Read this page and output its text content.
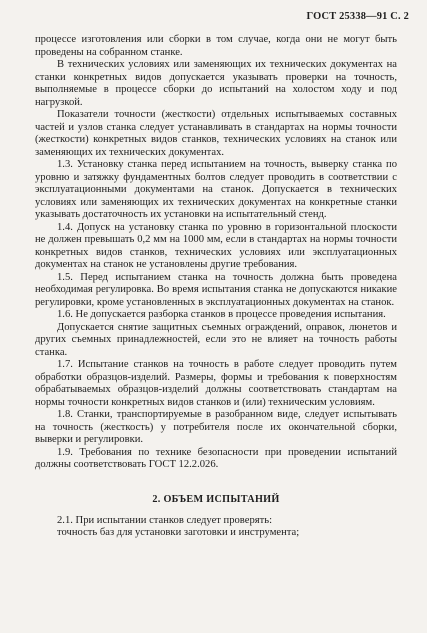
ГОСТ 25338—91 С. 2

процессе изготовления или сборки в том случае, когда они не могут быть проведены на собранном станке.

В технических условиях или заменяющих их технических документах на станки конкретных видов допускается указывать проверки на точность, выполняемые в процессе сборки до испытаний на холостом ходу и под нагрузкой.

Показатели точности (жесткости) отдельных испытываемых составных частей и узлов станка следует устанавливать в стандартах на нормы точности (жесткости) конкретных видов станков, технических условиях на станок или заменяющих их технических документах.

1.3. Установку станка перед испытанием на точность, выверку станка по уровню и затяжку фундаментных болтов следует проводить в соответствии с эксплуатационными документами на станок. Допускается в технических условиях или заменяющих их технических документах на конкретные станки указывать достаточность их установки на испытательный стенд.

1.4. Допуск на установку станка по уровню в горизонтальной плоскости не должен превышать 0,2 мм на 1000 мм, если в стандартах на нормы точности конкретных видов станков, технических условиях или эксплуатационных документах на станок не установлены другие требования.

1.5. Перед испытанием станка на точность должна быть проведена необходимая регулировка. Во время испытания станка не допускаются никакие регулировки, кроме установленных в эксплуатационных документах на станок.

1.6. Не допускается разборка станков в процессе проведения испытания.

Допускается снятие защитных съемных ограждений, оправок, люнетов и других съемных принадлежностей, если это не влияет на точность работы станка.

1.7. Испытание станков на точность в работе следует проводить путем обработки образцов-изделий. Размеры, формы и требования к поверхностям обрабатываемых образцов-изделий должны соответствовать стандартам на нормы точности конкретных видов станков и (или) техническим условиям.

1.8. Станки, транспортируемые в разобранном виде, следует испытывать на точность (жесткость) у потребителя после их окончательной сборки, выверки и регулировки.

1.9. Требования по технике безопасности при проведении испытаний должны соответствовать ГОСТ 12.2.026.

2. ОБЪЕМ ИСПЫТАНИЙ

2.1. При испытании станков следует проверять:

точность баз для установки заготовки и инструмента;
